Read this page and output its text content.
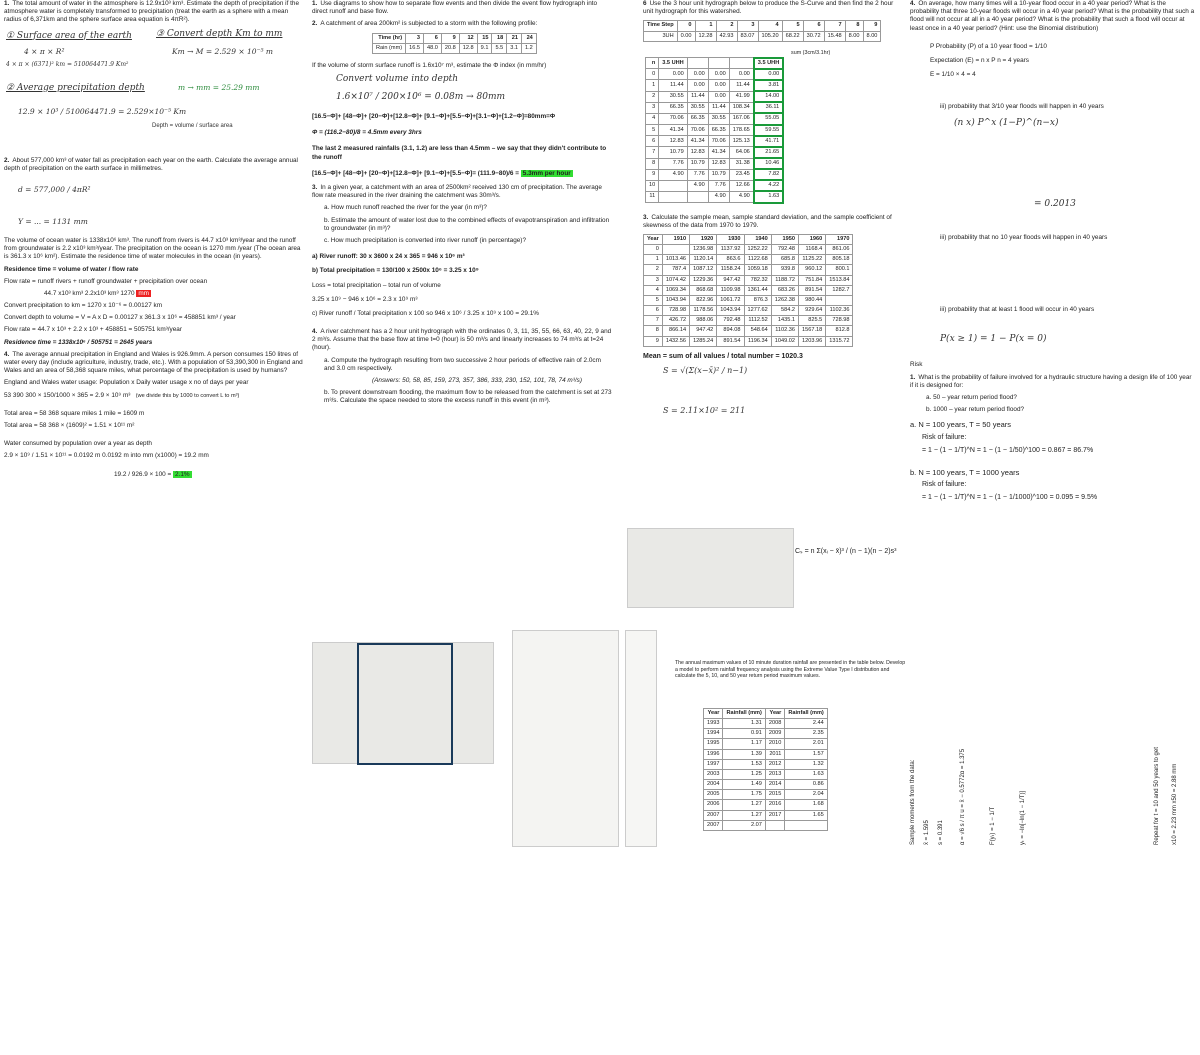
1. The total amount of water in the atmosphere is 12.9x10³ km³. Estimate the depth of precipitation if the atmosphere water is completely transformed to precipitation (treat the earth as a sphere with a mean radius of 6,371km and the sphere surface area equation is 4πR²).

① Surface area of the earth
4 × π × R²
4 × π × (6371)² km = 510064471.9 Km²
③ Convert depth Km to mm
Km → M = 2.529 × 10⁻⁵ m
② Average precipitation depth
12.9 × 10³ / 510064471.9 = 2.529×10⁻⁵ Km
m → mm = 25.29 mm
Depth = volume / surface area

2. About 577,000 km³ of water fall as precipitation each year on the earth. Calculate the average annual depth of precipitation on the earth surface in millimetres.

d = 577,000 / 4πR²
Y = ... = 1131 mm

The volume of ocean water is 1338x10⁶ km³. The runoff from rivers is 44.7 x10³ km³/year and the runoff from groundwater is 2.2 x10³ km³/year. The precipitation on the ocean is 1270 mm /year (The ocean area is 361.3 x 10⁶ km²). Estimate the residence time of water molecules in the ocean (in years).

Residence time = volume of water / flow rate

Flow rate = runoff rivers + runoff groundwater + precipitation over ocean

44.7 x10³ km³ 2.2x10³ km³ 1270 mm

Convert precipitation to km = 1270 x 10⁻⁶ = 0.00127 km

Convert depth to volume = V = A x D = 0.00127 x 361.3 x 10⁶ = 458851 km³ / year

Flow rate = 44.7 x 10³ + 2.2 x 10³ + 458851 = 505751 km³/year

Residence time = 1338x10⁶ / 505751 = 2645 years

4. The average annual precipitation in England and Wales is 926.9mm. A person consumes 150 litres of water every day (include agriculture, industry, trade, etc.). With a population of 53,390,300 in England and Wales and an area of 58,368 square miles, what percentage of the precipitation is used by humans?

England and Wales water usage: Population x Daily water usage x no of days per year

53 390 300 × 150/1000 × 365 = 2.9 × 10⁹ m³ (we divide this by 1000 to convert L to m³)

Total area = 58 368 square miles 1 mile = 1609 m

Total area = 58 368 × (1609)² = 1.51 × 10¹¹ m²

Water consumed by population over a year as depth

2.9 × 10⁹ / 1.51 × 10¹¹ = 0.0192 m 0.0192 m into mm (x1000) = 19.2 mm

19.2 / 926.9 × 100 = 2.1%

1. Use diagrams to show how to separate flow events and then divide the event flow hydrograph into direct runoff and base flow.

2. A catchment of area 200km² is subjected to a storm with the following profile:

Time (hr)	3	6	9	12	15	18	21	24
Rain (mm)	16.5	48.0	20.8	12.8	9.1	5.5	3.1	1.2

If the volume of storm surface runoff is 1.6x10⁷ m³, estimate the Φ index (in mm/hr)

Convert volume into depth
1.6×10⁷ / 200×10⁶ = 0.08m → 80mm

[16.5−Φ]+ [48−Φ]+ [20−Φ]+[12.8−Φ]+ [9.1−Φ]+[5.5−Φ]+[3.1−Φ]+[1.2−Φ]=80mm=Φ

Φ = (116.2−80)/8 = 4.5mm every 3hrs

The last 2 measured rainfalls (3.1, 1.2) are less than 4.5mm – we say that they didn't contribute to the runoff

[16.5−Φ]+ [48−Φ]+ [20−Φ]+[12.8−Φ]+ [9.1−Φ]+[5.5−Φ]= (111.9−80)/6 = 5.3mm per hour

3. In a given year, a catchment with an area of 2500km² received 130 cm of precipitation. The average flow rate measured in the river draining the catchment was 30m³/s.

a. How much runoff reached the river for the year (in m³)?

b. Estimate the amount of water lost due to the combined effects of evapotranspiration and infiltration to groundwater (in m³)?

c. How much precipitation is converted into river runoff (in percentage)?

a) River runoff: 30 x 3600 x 24 x 365 = 946 x 10⁶ m³

b) Total precipitation = 130/100 x 2500x 10⁶ = 3.25 x 10⁹

Loss = total precipitation – total run of volume

3.25 x 10⁹ − 946 x 10⁶ = 2.3 x 10⁹ m³

c) River runoff / Total precipitation x 100 so 946 x 10⁶ / 3.25 x 10⁹ x 100 = 29.1%

4. A river catchment has a 2 hour unit hydrograph with the ordinates 0, 3, 11, 35, 55, 66, 63, 40, 22, 9 and 2 m³/s. Assume that the base flow at time t=0 (hour) is 50 m³/s and linearly increases to 74 m³/s at t=24 (hour).

a. Compute the hydrograph resulting from two successive 2 hour periods of effective rain of 2.0cm and 3.0 cm respectively.

(Answers: 50, 58, 85, 159, 273, 357, 386, 333, 230, 152, 101, 78, 74 m³/s)

b. To prevent downstream flooding, the maximum flow to be released from the catchment is set at 273 m³/s. Calculate the space needed to store the excess runoff in this event (in m³).

6 Use the 3 hour unit hydrograph below to produce the S-Curve and then find the 2 hour unit hydrograph for this watershed.

Time Step	0	1	2	3	4	5	6	7	8	9
3UH	0.00	12.28	42.93	83.07	105.20	68.22	30.72	15.48	8.00	8.00
sum (3cm/3.1hr)
n	3.5 UHH				3.5 UHH
0	0.00	0.00	0.00	0.00	0.00
1	11.44	0.00	0.00	11.44	3.81
2	30.55	11.44	0.00	41.99	14.00
3	66.35	30.55	11.44	108.34	36.11
4	70.06	66.35	30.55	167.06	55.05
5	41.34	70.06	66.35	178.65	59.55
6	12.83	41.34	70.06	125.13	41.71
7	10.79	12.83	41.34	64.06	21.65
8	7.76	10.79	12.83	31.38	10.46
9	4.90	7.76	10.79	23.45	7.82
10		4.90	7.76	12.66	4.22
11			4.90	4.90	1.63

3. Calculate the sample mean, sample standard deviation, and the sample coefficient of skewness of the data from 1970 to 1979.

Year	1910	1920	1930	1940	1950	1960	1970
0		1236.98	1137.92	1252.22	792.48	1168.4	861.06
1	1013.46	1120.14	863.6	1122.68	685.8	1125.22	805.18
2	787.4	1087.12	1158.24	1059.18	939.8	960.12	800.1
3	1074.42	1229.36	947.42	782.32	1188.72	751.84	1513.84
4	1069.34	868.68	1109.98	1361.44	683.26	891.54	1282.7
5	1043.94	822.96	1061.72	876.3	1262.38	980.44	
6	728.98	1178.56	1043.94	1277.62	584.2	929.64	1102.36
7	426.72	988.06	792.48	1112.52	1435.1	825.5	728.98
8	866.14	947.42	894.08	548.64	1102.36	1567.18	812.8
9	1432.56	1285.24	891.54	1196.34	1049.02	1203.96	1315.72

Mean = sum of all values / total number = 1020.3

S = √(Σ(x−x̄)² / n−1)
S = 2.11×10² = 211

Cₛ = n Σ(xᵢ − x̄)³ / (n − 1)(n − 2)s³

The annual maximum values of 10 minute duration rainfall are presented in the table below. Develop a model to perform rainfall frequency analysis using the Extreme Value Type I distribution and calculate the 5, 10, and 50 year return period maximum values.

Year	Rainfall (mm)	Year	Rainfall (mm)
1993	1.31	2008	2.44
1994	0.91	2009	2.35
1995	1.17	2010	2.01
1996	1.39	2011	1.57
1997	1.53	2012	1.32
2003	1.25	2013	1.63
2004	1.49	2014	0.86
2005	1.75	2015	2.04
2006	1.27	2016	1.68
2007	1.27	2017	1.65
2007	2.07		

4. On average, how many times will a 10-year flood occur in a 40 year period? What is the probability that three 10-year floods will occur in a 40 year period? What is the probability that such a flood will not occur at all in a 40 year period? What is the probability that such a flood will occur at least once in a 40 year period? (Hint: use the Binomial distribution)

P Probability (P) of a 10 year flood = 1/10

Expectation (E) = n x P n = 4 years

E = 1/10 × 4 = 4

iii) probability that 3/10 year floods will happen in 40 years

(n x) P^x (1−P)^(n−x)
= 0.2013

iii) probability that no 10 year floods will happen in 40 years

iii) probability that at least 1 flood will occur in 40 years

P(x ≥ 1) = 1 − P(x = 0)

Risk

1. What is the probability of failure involved for a hydraulic structure having a design life of 100 year if it is designed for:

a. 50 – year return period flood?

b. 1000 – year return period flood?

a. N = 100 years, T = 50 years

Risk of failure:

= 1 − (1 − 1/T)^N = 1 − (1 − 1/50)^100 = 0.867 = 86.7%

b. N = 100 years, T = 1000 years

Risk of failure:

= 1 − (1 − 1/T)^N = 1 − (1 − 1/1000)^100 = 0.095 = 9.5%

Sample moments from the data: x̄ = 1.595 s = 0.391	α = √6 s / π u = x̄ − 0.5772α = 1.375	F(yₜ) = 1 − 1/T	yₜ = −ln[−ln(1 − 1/T)]	Repeat for t = 10 and 50 years to get x10 = 2.23 mm x50 = 2.88 mm
